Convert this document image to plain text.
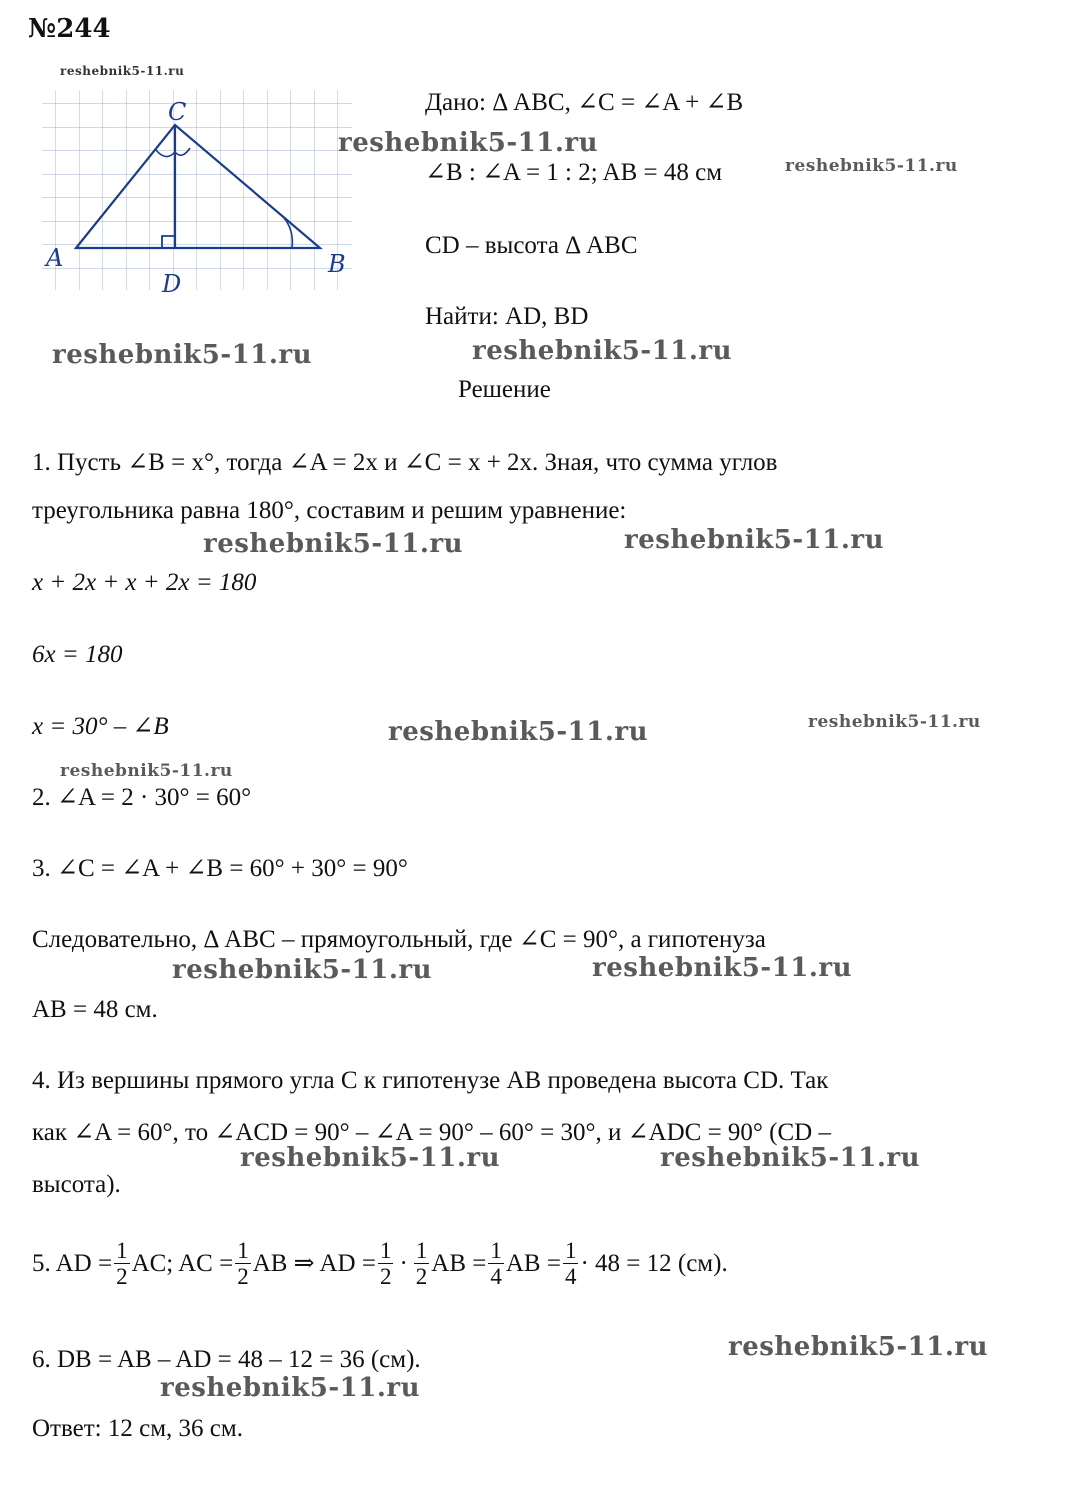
№244
reshebnik5-11.ru
C
A	B
D
Дано: Δ ABC, ∠C = ∠A + ∠B
∠B : ∠A = 1 : 2; AB = 48 см
CD – высота Δ ABC
Найти: AD, BD
Решение
1. Пусть ∠B = x°, тогда ∠A = 2x и ∠C = x + 2x. Зная, что сумма углов
треугольника равна 180°, составим и решим уравнение:
x + 2x + x + 2x = 180
6x = 180
x = 30° – ∠B
2. ∠A = 2 · 30° = 60°
3. ∠C = ∠A + ∠B = 60° + 30° = 90°
Следовательно, Δ ABC – прямоугольный, где ∠C = 90°, а гипотенуза
AB = 48 см.
4. Из вершины прямого угла C к гипотенузе AB проведена высота CD. Так
как ∠A = 60°, то ∠ACD = 90° – ∠A = 90° – 60° = 30°, и ∠ADC = 90° (CD –
высота).
5. AD = $\frac{1}{2}$ AC; AC = $\frac{1}{2}$ AB ⇒ AD = $\frac{1}{2} \cdot \frac{1}{2}$ AB = $\frac{1}{4}$ AB = $\frac{1}{4} \cdot 48 = 12$ (см).
6. DB = AB – AD = 48 – 12 = 36 (см).
Ответ: 12 см, 36 см.
reshebnik5-11.ru
reshebnik5-11.ru
reshebnik5-11.ru	reshebnik5-11.ru
reshebnik5-11.ru	reshebnik5-11.ru
reshebnik5-11.ru	reshebnik5-11.ru
reshebnik5-11.ru
reshebnik5-11.ru	reshebnik5-11.ru
reshebnik5-11.ru	reshebnik5-11.ru
reshebnik5-11.ru
reshebnik5-11.ru
